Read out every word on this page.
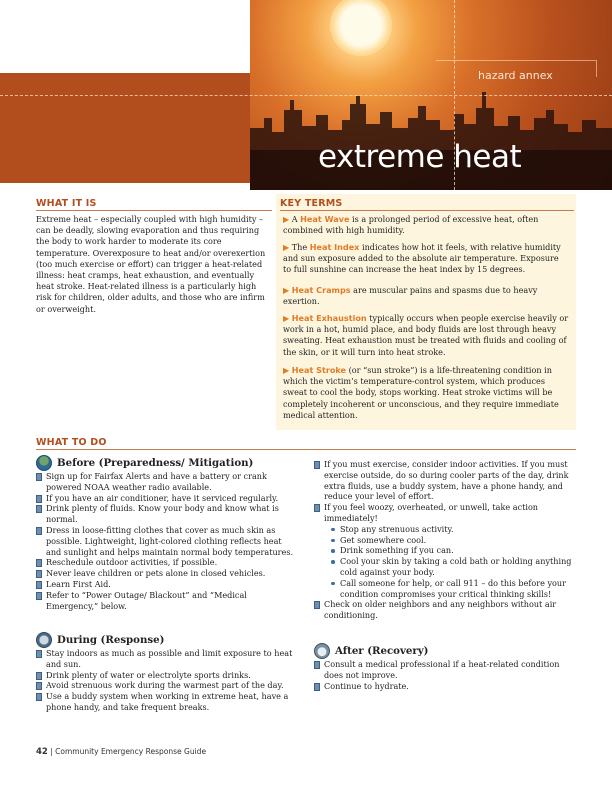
hazard annex
extreme heat
WHAT IT IS
Extreme heat – especially coupled with high humidity – can be deadly, slowing evaporation and thus requiring the body to work harder to moderate its core temperature. Overexposure to heat and/or overexertion (too much exercise or effort) can trigger a heat-related illness: heat cramps, heat exhaustion, and eventually heat stroke. Heat-related illness is a particularly high risk for children, older adults, and those who are infirm or overweight.
KEY TERMS
▶ A Heat Wave is a prolonged period of excessive heat, often combined with high humidity.
▶ The Heat Index indicates how hot it feels, with relative humidity and sun exposure added to the absolute air temperature. Exposure to full sunshine can increase the heat index by 15 degrees.
▶ Heat Cramps are muscular pains and spasms due to heavy exertion.
▶ Heat Exhaustion typically occurs when people exercise heavily or work in a hot, humid place, and body fluids are lost through heavy sweating. Heat exhaustion must be treated with fluids and cooling of the skin, or it will turn into heat stroke.
▶ Heat Stroke (or “sun stroke”) is a life-threatening condition in which the victim’s temperature-control system, which produces sweat to cool the body, stops working. Heat stroke victims will be completely incoherent or unconscious, and they require immediate medical attention.
WHAT TO DO
Before (Preparedness/ Mitigation)
Sign up for Fairfax Alerts and have a battery or crank powered NOAA weather radio available.
If you have an air conditioner, have it serviced regularly.
Drink plenty of fluids. Know your body and know what is normal.
Dress in loose-fitting clothes that cover as much skin as possible. Lightweight, light-colored clothing reflects heat and sunlight and helps maintain normal body temperatures.
Reschedule outdoor activities, if possible.
Never leave children or pets alone in closed vehicles.
Learn First Aid.
Refer to “Power Outage/ Blackout” and “Medical Emergency,” below.
During (Response)
Stay indoors as much as possible and limit exposure to heat and sun.
Drink plenty of water or electrolyte sports drinks.
Avoid strenuous work during the warmest part of the day.
Use a buddy system when working in extreme heat, have a phone handy, and take frequent breaks.
If you must exercise, consider indoor activities. If you must exercise outside, do so during cooler parts of the day, drink extra fluids, use a buddy system, have a phone handy, and reduce your level of effort.
If you feel woozy, overheated, or unwell, take action immediately!
Stop any strenuous activity.
Get somewhere cool.
Drink something if you can.
Cool your skin by taking a cold bath or holding anything cold against your body.
Call someone for help, or call 911 – do this before your condition compromises your critical thinking skills!
Check on older neighbors and any neighbors without air conditioning.
After (Recovery)
Consult a medical professional if a heat-related condition does not improve.
Continue to hydrate.
42 | Community Emergency Response Guide
